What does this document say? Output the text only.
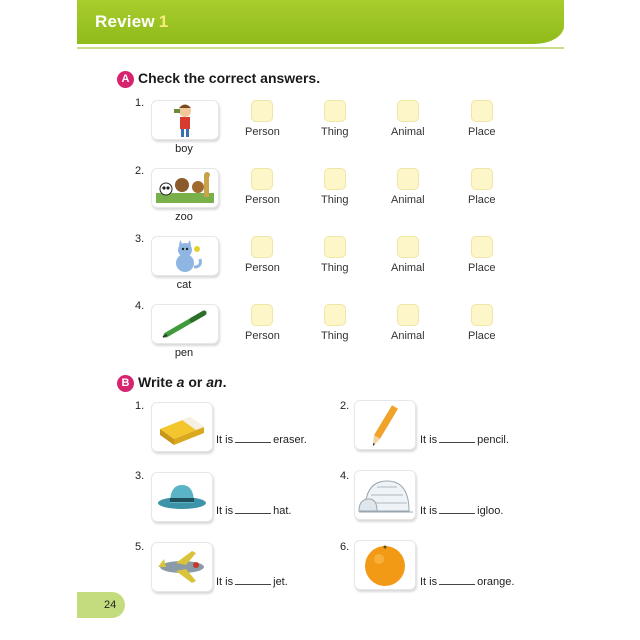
Review 1
A Check the correct answers.
1.
boy
Person	Thing	Animal	Place
2.
zoo
Person	Thing	Animal	Place
3.
cat
Person	Thing	Animal	Place
4.
pen
Person	Thing	Animal	Place
B Write a or an.
1.
It is	eraser.
2.
It is	pencil.
3.
It is	hat.
4.
It is	igloo.
5.
It is	jet.
6.
It is	orange.
24
